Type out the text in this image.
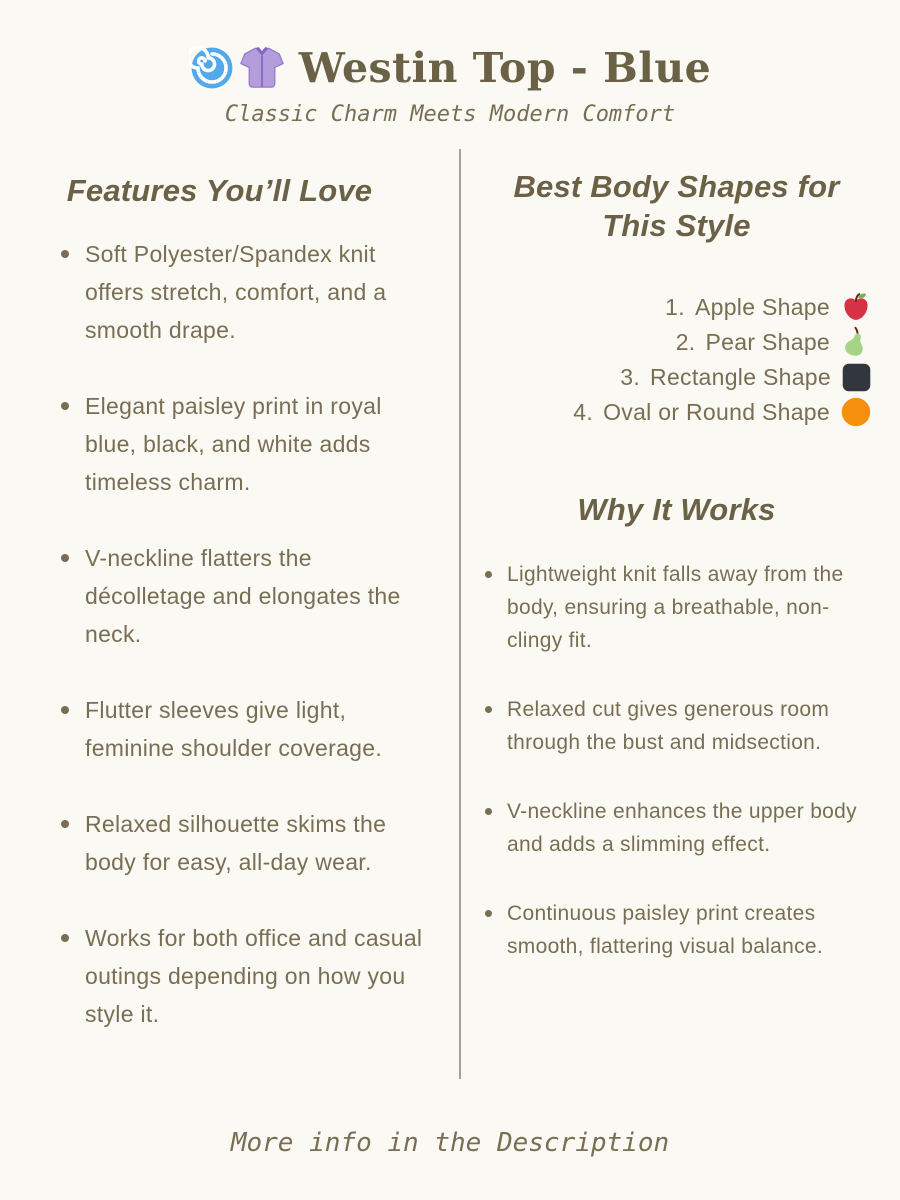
Westin Top - Blue
Classic Charm Meets Modern Comfort
Features You’ll Love
Soft Polyester/Spandex knit offers stretch, comfort, and a smooth drape.
Elegant paisley print in royal blue, black, and white adds timeless charm.
V-neckline flatters the décolletage and elongates the neck.
Flutter sleeves give light, feminine shoulder coverage.
Relaxed silhouette skims the body for easy, all-day wear.
Works for both office and casual outings depending on how you style it.
Best Body Shapes for This Style
1. Apple Shape
2. Pear Shape
3. Rectangle Shape
4. Oval or Round Shape
Why It Works
Lightweight knit falls away from the body, ensuring a breathable, non-clingy fit.
Relaxed cut gives generous room through the bust and midsection.
V-neckline enhances the upper body and adds a slimming effect.
Continuous paisley print creates smooth, flattering visual balance.
More info in the Description
